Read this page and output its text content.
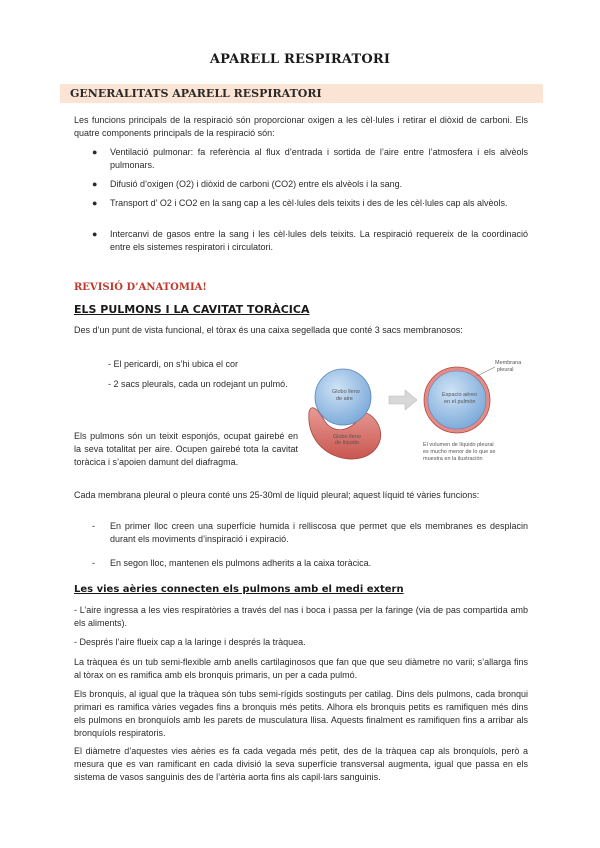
APARELL RESPIRATORI
GENERALITATS APARELL RESPIRATORI
Les funcions principals de la respiració són proporcionar oxigen a les cèl·lules i retirar el diòxid de carboni. Els quatre components principals de la respiració són:
● Ventilació pulmonar: fa referència al flux d’entrada i sortida de l’aire entre l’atmosfera i els alvèols pulmonars.
● Difusió d’oxigen (O2) i diòxid de carboni (CO2) entre els alvèols i la sang.
● Transport d’ O2 i CO2 en la sang cap a les cèl·lules dels teixits i des de les cèl·lules cap als alvèols.
● Intercanvi de gasos entre la sang i les cèl·lules dels teixits. La respiració requereix de la coordinació entre els sistemes respiratori i circulatori.
REVISIÓ D’ANATOMIA!
ELS PULMONS I LA CAVITAT TORÀCICA
Des d’un punt de vista funcional, el tòrax és una caixa segellada que conté 3 sacs membranosos:
- El pericardi, on s’hi ubica el cor
- 2 sacs pleurals, cada un rodejant un pulmó.
Els pulmons són un teixit esponjós, ocupat gairebé en la seva totalitat per aire. Ocupen gairebé tota la cavitat toràcica i s’apoien damunt del diafragma.
Globo lleno
de aire
Globo lleno
de líquido
Espacio aéreo
en el pulmón
Membrana
pleural
El volumen de líquido pleural
es mucho menor de lo que se
muestra en la ilustración
Cada membrana pleural o pleura conté uns 25-30ml de líquid pleural; aquest líquid té vàries funcions:
- En primer lloc creen una superfície humida i relliscosa que permet que els membranes es desplacin durant els moviments d’inspiració i expiració.
- En segon lloc, mantenen els pulmons adherits a la caixa toràcica.
Les vies aèries connecten els pulmons amb el medi extern
- L’aire ingressa a les vies respiratòries a través del nas i boca i passa per la faringe (via de pas compartida amb els aliments).
- Després l’aire flueix cap a la laringe i després la tràquea.
La tràquea és un tub semi-flexible amb anells cartilaginosos que fan que que seu diàmetre no varii; s’allarga fins al tòrax on es ramifica amb els bronquis primaris, un per a cada pulmó.
Els bronquis, al igual que la tràquea són tubs semi-rígids sostinguts per catilag. Dins dels pulmons, cada bronqui primari es ramifica vàries vegades fins a bronquis més petits. Alhora els bronquis petits es ramifiquen més dins els pulmons en bronquíols amb les parets de musculatura llisa. Aquests finalment es ramifiquen fins a arribar als bronquíols respiratoris.
El diàmetre d’aquestes vies aèries es fa cada vegada més petit, des de la tràquea cap als bronquíols, però a mesura que es van ramificant en cada divisió la seva superfície transversal augmenta, igual que passa en els sistema de vasos sanguinis des de l’artèria aorta fins als capil·lars sanguinis.
